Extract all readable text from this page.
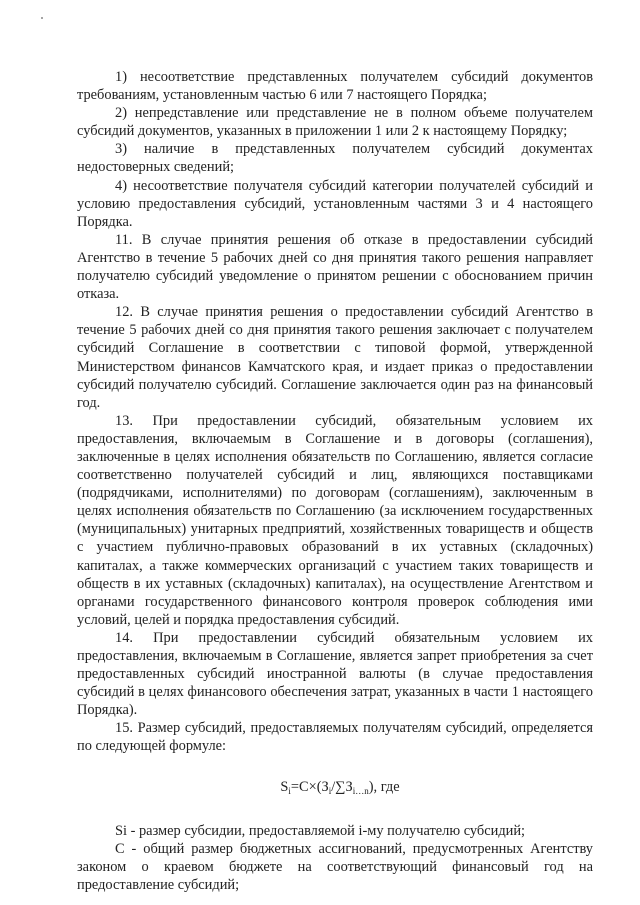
1) несоответствие представленных получателем субсидий документов требованиям, установленным частью 6 или 7 настоящего Порядка;

2) непредставление или представление не в полном объеме получателем субсидий документов, указанных в приложении 1 или 2 к настоящему Порядку;

3) наличие в представленных получателем субсидий документах недостоверных сведений;

4) несоответствие получателя субсидий категории получателей субсидий и условию предоставления субсидий, установленным частями 3 и 4 настоящего Порядка.

11. В случае принятия решения об отказе в предоставлении субсидий Агентство в течение 5 рабочих дней со дня принятия такого решения направляет получателю субсидий уведомление о принятом решении с обоснованием причин отказа.

12. В случае принятия решения о предоставлении субсидий Агентство в течение 5 рабочих дней со дня принятия такого решения заключает с получателем субсидий Соглашение в соответствии с типовой формой, утвержденной Министерством финансов Камчатского края, и издает приказ о предоставлении субсидий получателю субсидий. Соглашение заключается один раз на финансовый год.

13. При предоставлении субсидий, обязательным условием их предоставления, включаемым в Соглашение и в договоры (соглашения), заключенные в целях исполнения обязательств по Соглашению, является согласие соответственно получателей субсидий и лиц, являющихся поставщиками (подрядчиками, исполнителями) по договорам (соглашениям), заключенным в целях исполнения обязательств по Соглашению (за исключением государственных (муниципальных) унитарных предприятий, хозяйственных товариществ и обществ с участием публично-правовых образований в их уставных (складочных) капиталах, а также коммерческих организаций с участием таких товариществ и обществ в их уставных (складочных) капиталах), на осуществление Агентством и органами государственного финансового контроля проверок соблюдения ими условий, целей и порядка предоставления субсидий.

14. При предоставлении субсидий обязательным условием их предоставления, включаемым в Соглашение, является запрет приобретения за счет предоставленных субсидий иностранной валюты (в случае предоставления субсидий в целях финансового обеспечения затрат, указанных в части 1 настоящего Порядка).

15. Размер субсидий, предоставляемых получателям субсидий, определяется по следующей формуле:

$S_i=C\times(З_i/\sum З_{i\dots n})$, где

Si - размер субсидии, предоставляемой i-му получателю субсидий;

С - общий размер бюджетных ассигнований, предусмотренных Агентству законом о краевом бюджете на соответствующий финансовый год на предоставление субсидий;
